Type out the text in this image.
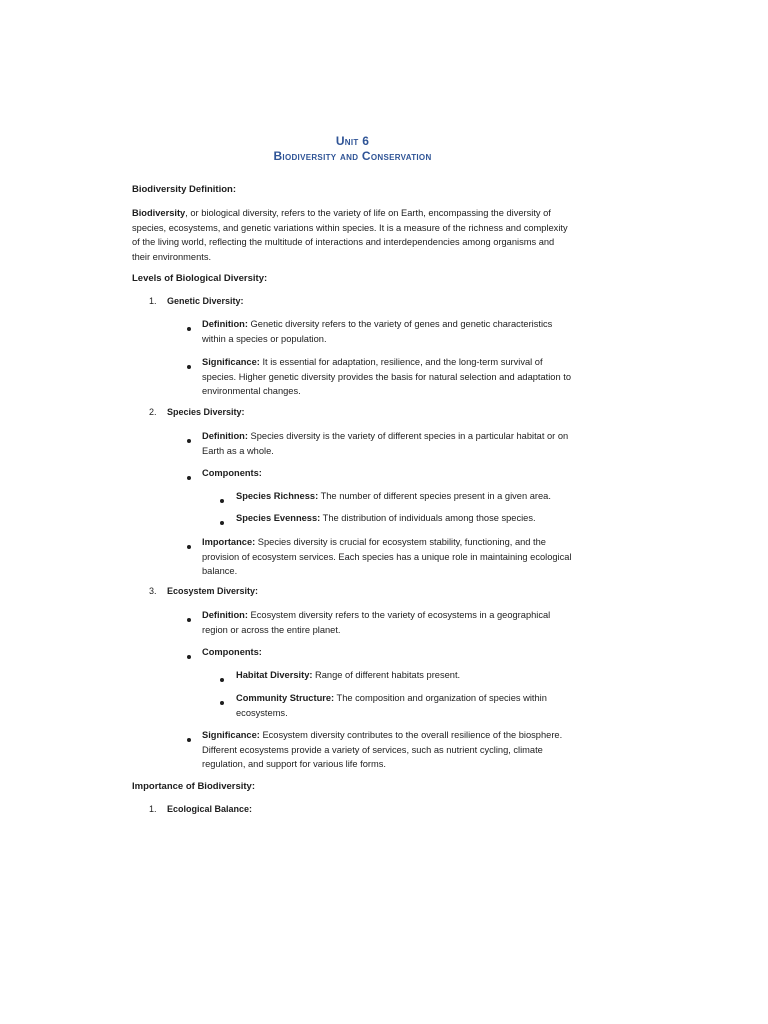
Unit 6
Biodiversity and Conservation
Biodiversity Definition:

Biodiversity, or biological diversity, refers to the variety of life on Earth, encompassing the diversity of species, ecosystems, and genetic variations within species. It is a measure of the richness and complexity of the living world, reflecting the multitude of interactions and interdependencies among organisms and their environments.

Levels of Biological Diversity:
1. Genetic Diversity:

Definition: Genetic diversity refers to the variety of genes and genetic characteristics within a species or population.

Significance: It is essential for adaptation, resilience, and the long-term survival of species. Higher genetic diversity provides the basis for natural selection and adaptation to environmental changes.

2. Species Diversity:

Definition: Species diversity is the variety of different species in a particular habitat or on Earth as a whole.

Components:

Species Richness: The number of different species present in a given area.

Species Evenness: The distribution of individuals among those species.

Importance: Species diversity is crucial for ecosystem stability, functioning, and the provision of ecosystem services. Each species has a unique role in maintaining ecological balance.

3. Ecosystem Diversity:

Definition: Ecosystem diversity refers to the variety of ecosystems in a geographical region or across the entire planet.

Components:

Habitat Diversity: Range of different habitats present.

Community Structure: The composition and organization of species within ecosystems.

Significance: Ecosystem diversity contributes to the overall resilience of the biosphere. Different ecosystems provide a variety of services, such as nutrient cycling, climate regulation, and support for various life forms.

Importance of Biodiversity:
1. Ecological Balance:
